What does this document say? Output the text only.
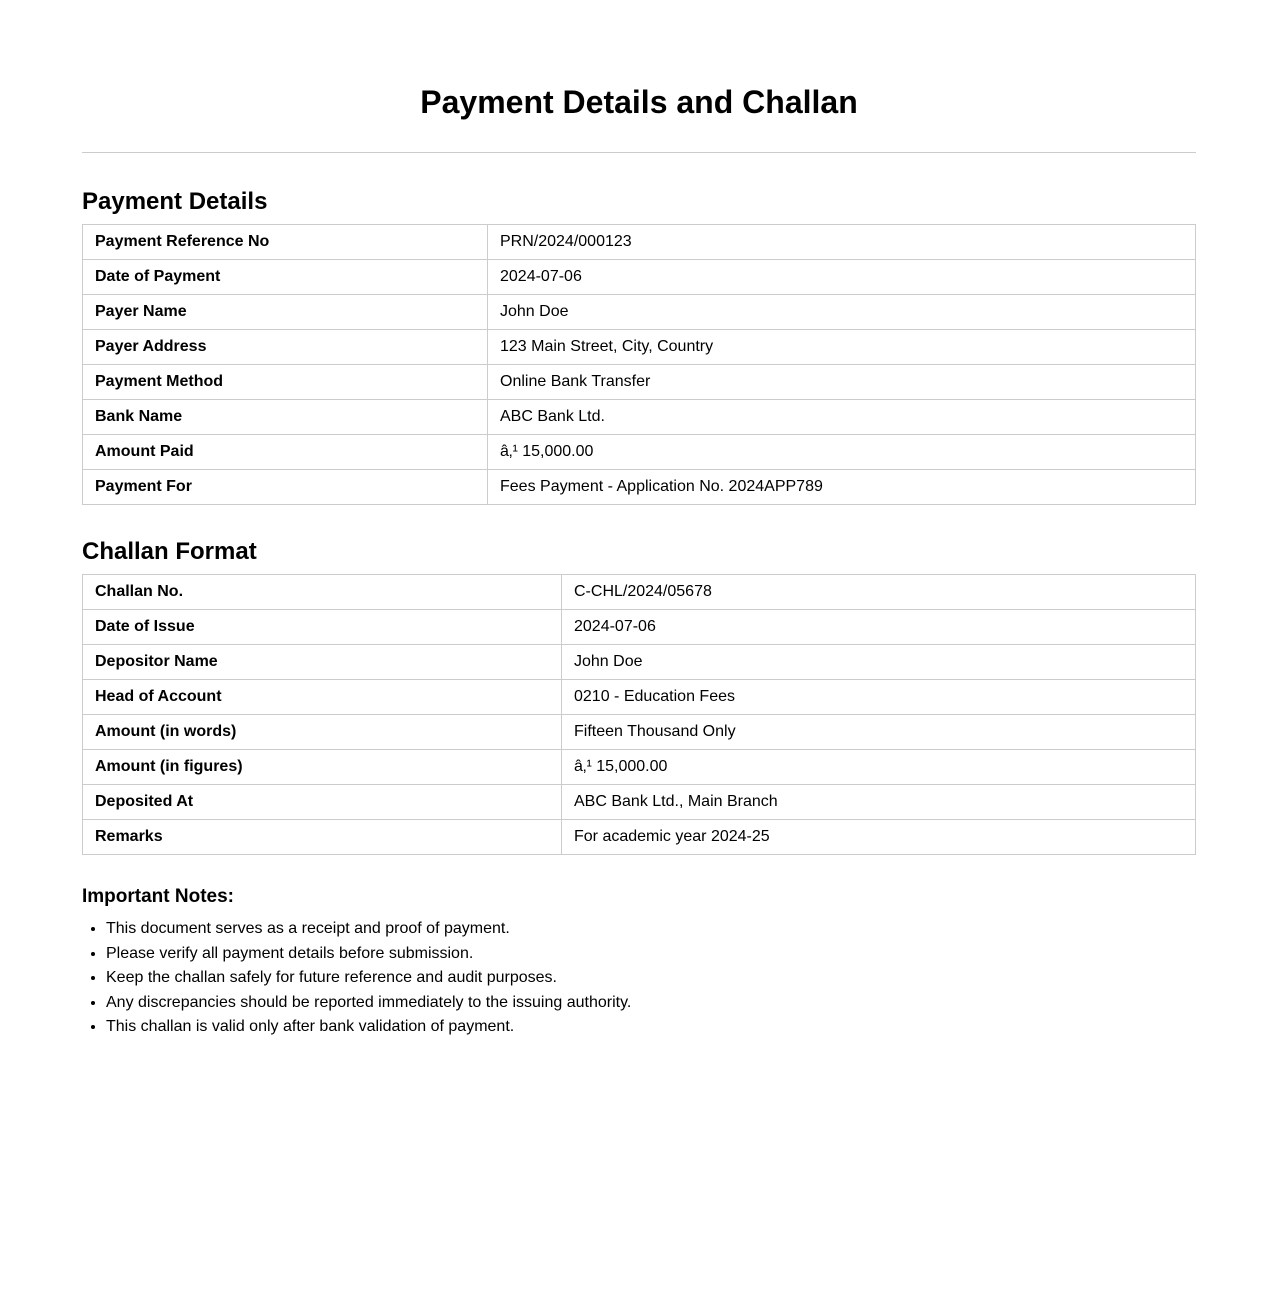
Payment Details and Challan
Payment Details
Payment Reference No	PRN/2024/000123
Date of Payment	2024-07-06
Payer Name	John Doe
Payer Address	123 Main Street, City, Country
Payment Method	Online Bank Transfer
Bank Name	ABC Bank Ltd.
Amount Paid	â‚¹ 15,000.00
Payment For	Fees Payment - Application No. 2024APP789
Challan Format
Challan No.	C-CHL/2024/05678
Date of Issue	2024-07-06
Depositor Name	John Doe
Head of Account	0210 - Education Fees
Amount (in words)	Fifteen Thousand Only
Amount (in figures)	â‚¹ 15,000.00
Deposited At	ABC Bank Ltd., Main Branch
Remarks	For academic year 2024-25
Important Notes:
• This document serves as a receipt and proof of payment.
• Please verify all payment details before submission.
• Keep the challan safely for future reference and audit purposes.
• Any discrepancies should be reported immediately to the issuing authority.
• This challan is valid only after bank validation of payment.
